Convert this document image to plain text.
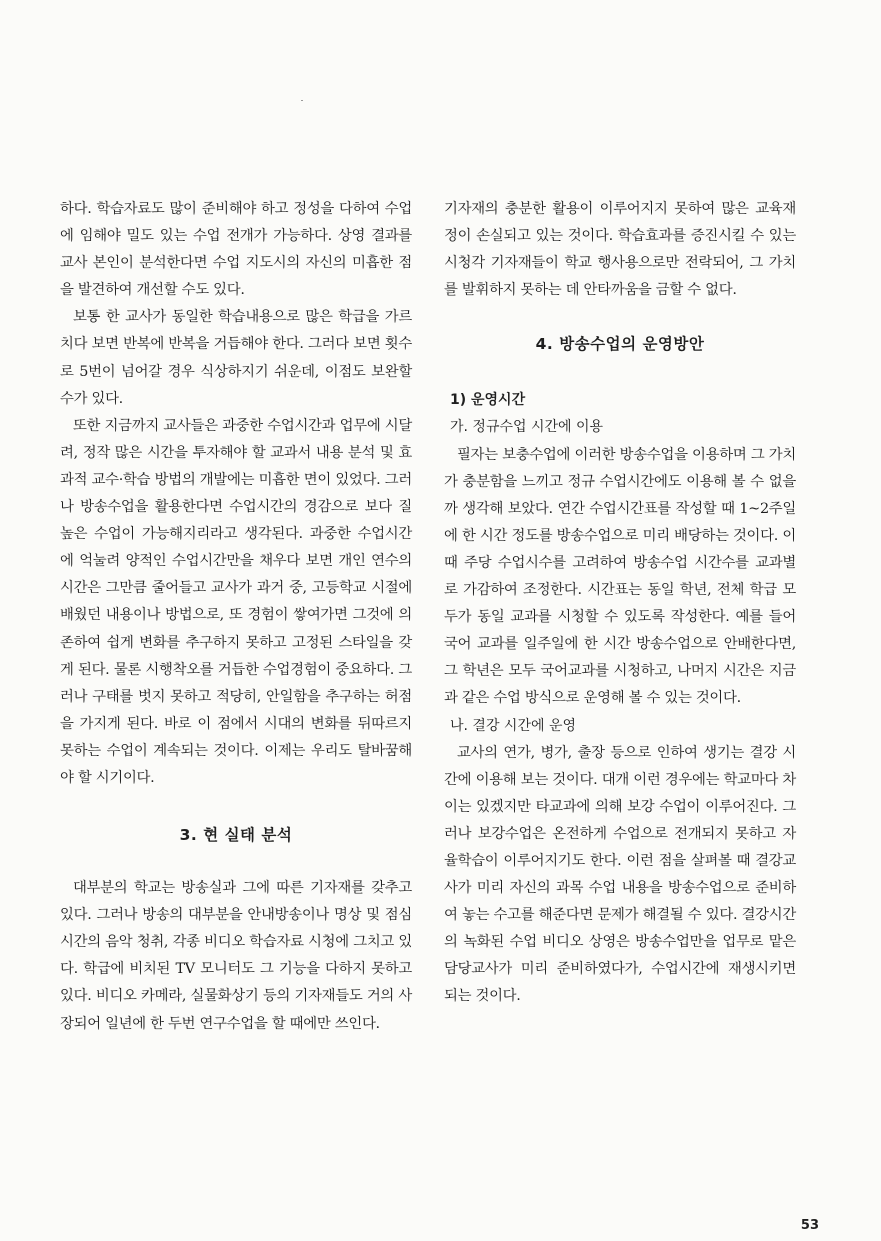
하다. 학습자료도 많이 준비해야 하고 정성을 다하여 수업에 임해야 밀도 있는 수업 전개가 가능하다. 상영 결과를 교사 본인이 분석한다면 수업 지도시의 자신의 미흡한 점을 발견하여 개선할 수도 있다.

보통 한 교사가 동일한 학습내용으로 많은 학급을 가르치다 보면 반복에 반복을 거듭해야 한다. 그러다 보면 횟수로 5번이 넘어갈 경우 식상하지기 쉬운데, 이점도 보완할 수가 있다.

또한 지금까지 교사들은 과중한 수업시간과 업무에 시달려, 정작 많은 시간을 투자해야 할 교과서 내용 분석 및 효과적 교수·학습 방법의 개발에는 미흡한 면이 있었다. 그러나 방송수업을 활용한다면 수업시간의 경감으로 보다 질 높은 수업이 가능해지리라고 생각된다. 과중한 수업시간에 억눌려 양적인 수업시간만을 채우다 보면 개인 연수의 시간은 그만큼 줄어들고 교사가 과거 중, 고등학교 시절에 배웠던 내용이나 방법으로, 또 경험이 쌓여가면 그것에 의존하여 쉽게 변화를 추구하지 못하고 고정된 스타일을 갖게 된다. 물론 시행착오를 거듭한 수업경험이 중요하다. 그러나 구태를 벗지 못하고 적당히, 안일함을 추구하는 허점을 가지게 된다. 바로 이 점에서 시대의 변화를 뒤따르지 못하는 수업이 계속되는 것이다. 이제는 우리도 탈바꿈해야 할 시기이다.

3. 현 실태 분석

대부분의 학교는 방송실과 그에 따른 기자재를 갖추고 있다. 그러나 방송의 대부분을 안내방송이나 명상 및 점심시간의 음악 청취, 각종 비디오 학습자료 시청에 그치고 있다. 학급에 비치된 TV 모니터도 그 기능을 다하지 못하고 있다. 비디오 카메라, 실물화상기 등의 기자재들도 거의 사장되어 일년에 한 두번 연구수업을 할 때에만 쓰인다.

기자재의 충분한 활용이 이루어지지 못하여 많은 교육재정이 손실되고 있는 것이다. 학습효과를 증진시킬 수 있는 시청각 기자재들이 학교 행사용으로만 전락되어, 그 가치를 발휘하지 못하는 데 안타까움을 금할 수 없다.

4. 방송수업의 운영방안
1) 운영시간
가. 정규수업 시간에 이용

필자는 보충수업에 이러한 방송수업을 이용하며 그 가치가 충분함을 느끼고 정규 수업시간에도 이용해 볼 수 없을까 생각해 보았다. 연간 수업시간표를 작성할 때 1~2주일에 한 시간 정도를 방송수업으로 미리 배당하는 것이다. 이때 주당 수업시수를 고려하여 방송수업 시간수를 교과별로 가감하여 조정한다. 시간표는 동일 학년, 전체 학급 모두가 동일 교과를 시청할 수 있도록 작성한다. 예를 들어 국어 교과를 일주일에 한 시간 방송수업으로 안배한다면, 그 학년은 모두 국어교과를 시청하고, 나머지 시간은 지금과 같은 수업 방식으로 운영해 볼 수 있는 것이다.

나. 결강 시간에 운영

교사의 연가, 병가, 출장 등으로 인하여 생기는 결강 시간에 이용해 보는 것이다. 대개 이런 경우에는 학교마다 차이는 있겠지만 타교과에 의해 보강 수업이 이루어진다. 그러나 보강수업은 온전하게 수업으로 전개되지 못하고 자율학습이 이루어지기도 한다. 이런 점을 살펴볼 때 결강교사가 미리 자신의 과목 수업 내용을 방송수업으로 준비하여 놓는 수고를 해준다면 문제가 해결될 수 있다. 결강시간의 녹화된 수업 비디오 상영은 방송수업만을 업무로 맡은 담당교사가 미리 준비하였다가, 수업시간에 재생시키면 되는 것이다.

53
